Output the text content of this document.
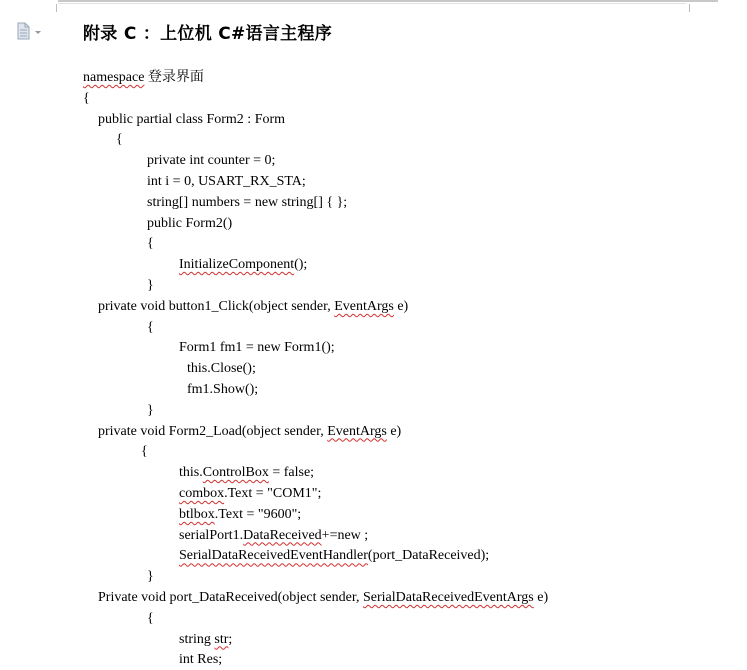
附录 C ：上位机 C#语言主程序
namespace 登录界面
{
public partial class Form2 : Form
{
private int counter = 0;
int i = 0, USART_RX_STA;
string[] numbers = new string[] { };
public Form2()
{
InitializeComponent();
}
private void button1_Click(object sender, EventArgs e)
{
Form1 fm1 = new Form1();
this.Close();
fm1.Show();
}
private void Form2_Load(object sender, EventArgs e)
{
this.ControlBox = false;
combox.Text = "COM1";
btlbox.Text = "9600";
serialPort1.DataReceived+=new ;
SerialDataReceivedEventHandler(port_DataReceived);
}
Private void port_DataReceived(object sender, SerialDataReceivedEventArgs e)
{
string str;
int Res;
